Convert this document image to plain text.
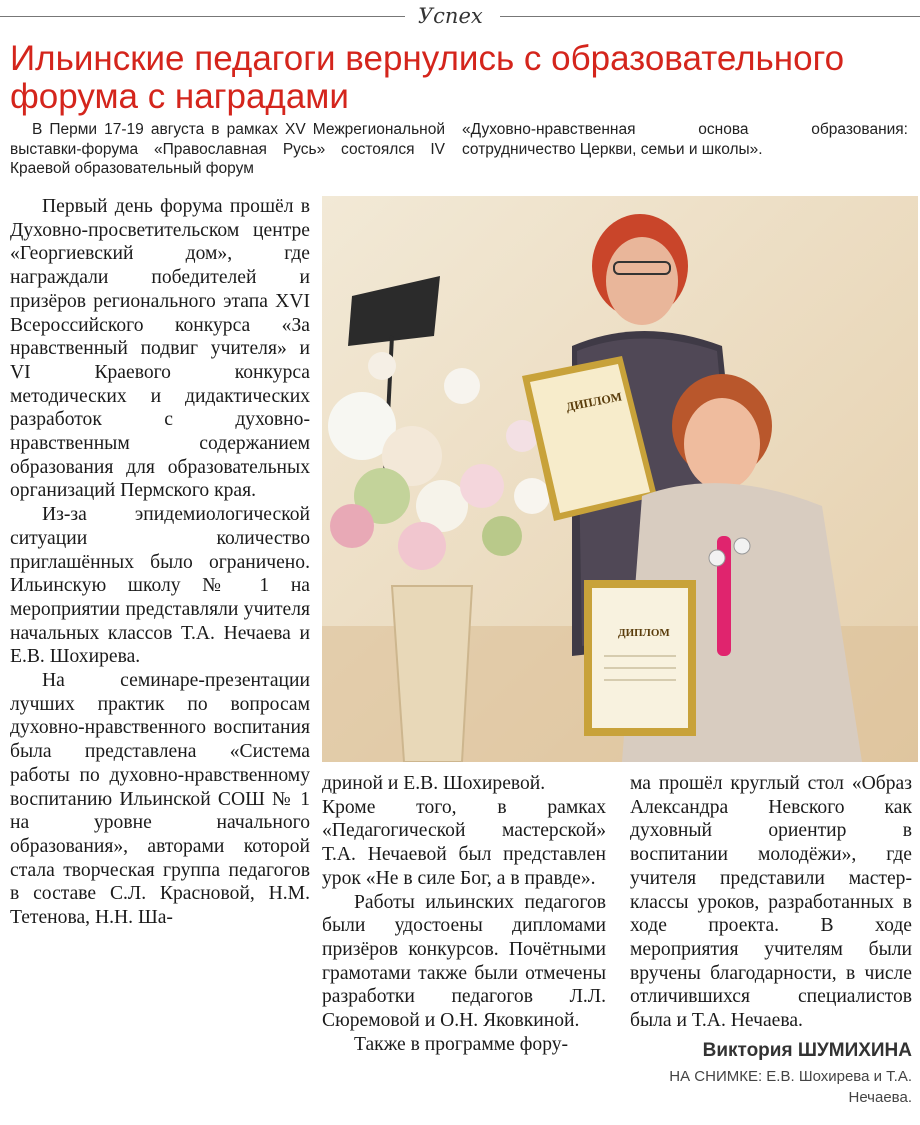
Успех
Ильинские педагоги вернулись с образовательного форума с наградами

В Перми 17-19 августа в рамках XV Межрегиональной выставки-форума «Православная Русь» состоялся IV Краевой образовательный форум

«Духовно-нравственная основа образования: сотрудничество Церкви, семьи и школы».

Первый день форума прошёл в Духовно-просветительском центре «Георгиевский дом», где награждали победителей и призёров регионального этапа XVI Всероссийского конкурса «За нравственный подвиг учителя» и VI Краевого конкурса методических и дидактических разработок с духовно-нравственным содержанием образования для образовательных организаций Пермского края.

Из-за эпидемиологической ситуации количество приглашённых было ограничено. Ильинскую школу № 1 на мероприятии представляли учителя начальных классов Т.А. Нечаева и Е.В. Шохирева.

На семинаре-презентации лучших практик по вопросам духовно-нравственного воспитания была представлена «Система работы по духовно-нравственному воспитанию Ильинской СОШ № 1 на уровне начального образования», авторами которой стала творческая группа педагогов в составе С.Л. Красновой, Н.М. Тетенова, Н.Н. Ша-

ДИПЛОМ
ДИПЛОМ

дриной и Е.В. Шохиревой.

Кроме того, в рамках «Педагогической мастерской» Т.А. Нечаевой был представлен урок «Не в силе Бог, а в правде».

Работы ильинских педагогов были удостоены дипломами призёров конкурсов. Почётными грамотами также были отмечены разработки педагогов Л.Л. Сюремовой и О.Н. Яковкиной.

Также в программе фору-

ма прошёл круглый стол «Образ Александра Невского как духовный ориентир в воспитании молодёжи», где учителя представили мастер-классы уроков, разработанных в ходе проекта. В ходе мероприятия учителям были вручены благодарности, в числе отличившихся специалистов была и Т.А. Нечаева.

Виктория ШУМИХИНА
НА СНИМКЕ: Е.В. Шохирева и Т.А. Нечаева.
